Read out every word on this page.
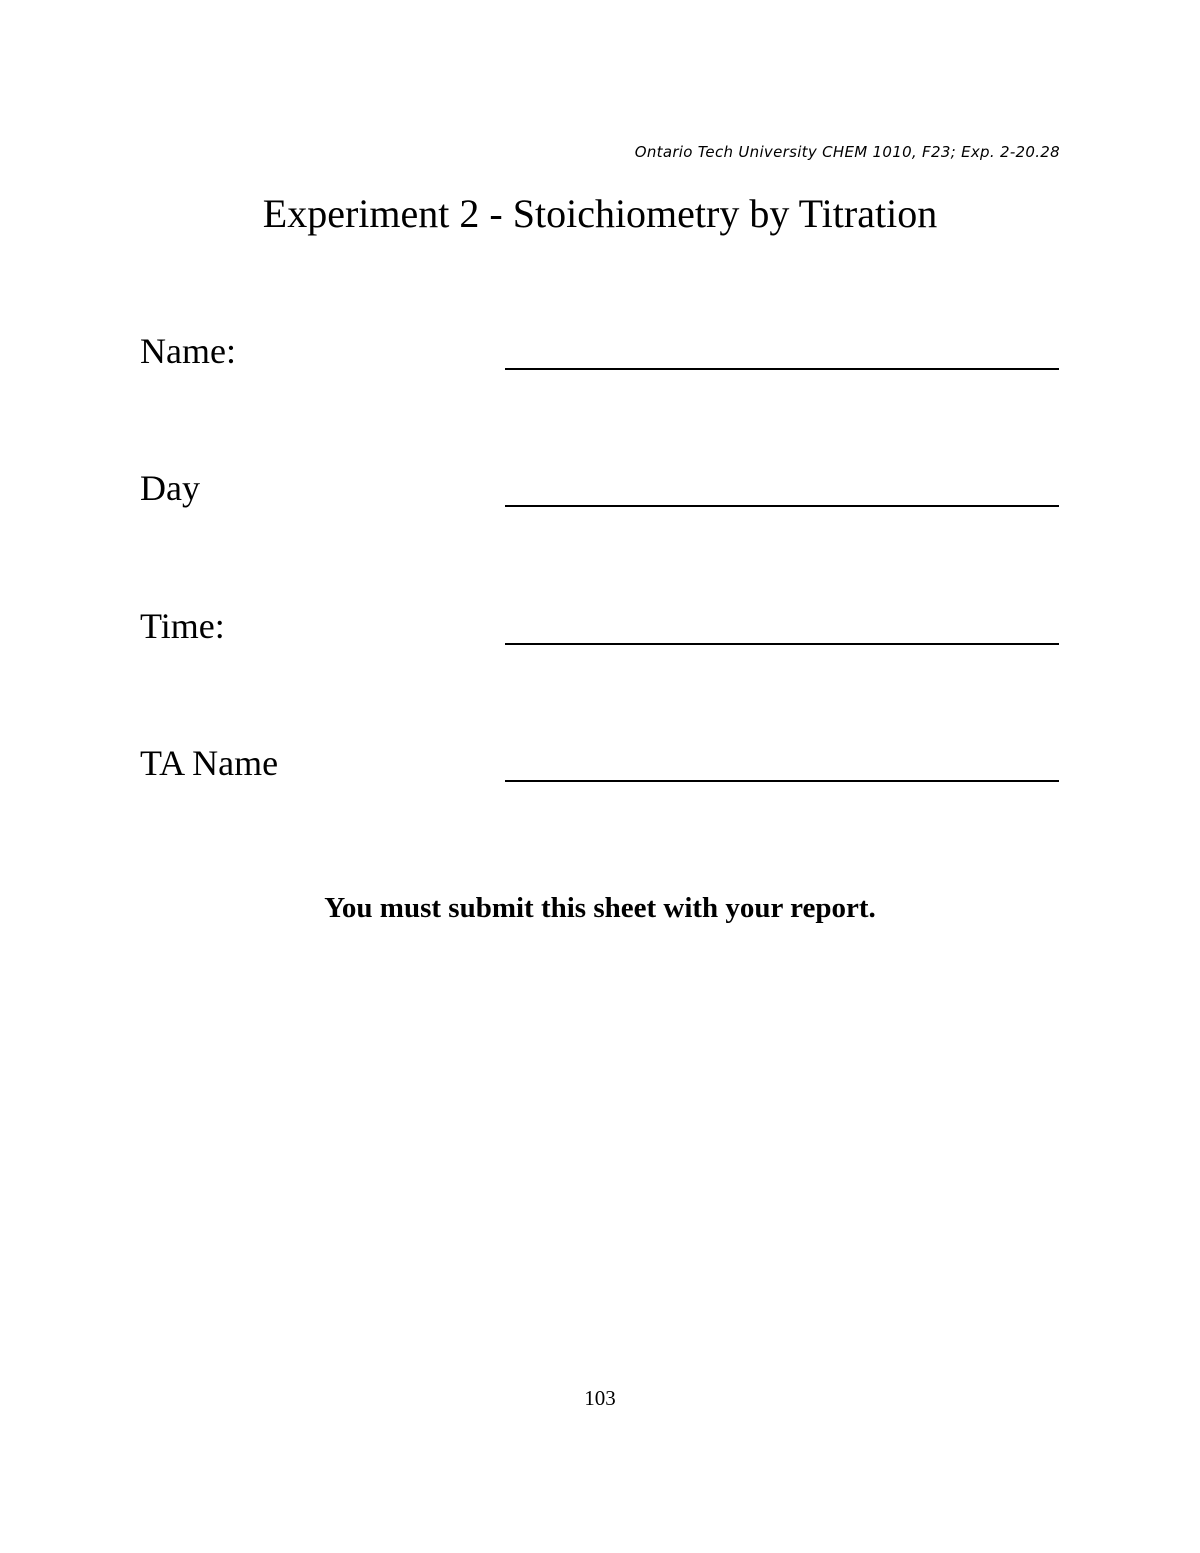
Ontario Tech University CHEM 1010, F23; Exp. 2-20.28
Experiment 2 - Stoichiometry by Titration
Name:
Day
Time:
TA Name
You must submit this sheet with your report.
103
